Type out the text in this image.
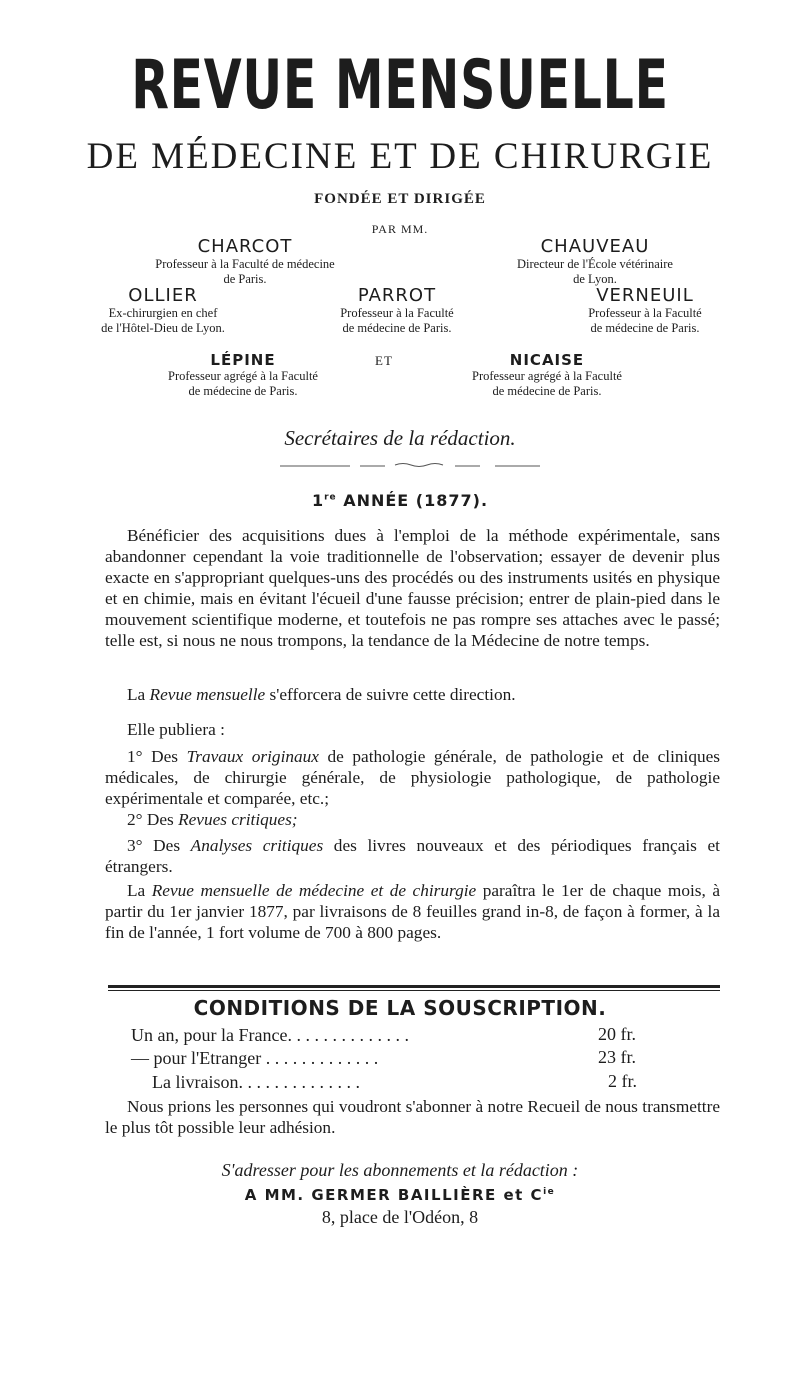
REVUE MENSUELLE
DE MÉDECINE ET DE CHIRURGIE
FONDÉE ET DIRIGÉE
PAR MM.
CHARCOT
Professeur à la Faculté de médecine
de Paris.
CHAUVEAU
Directeur de l'École vétérinaire
de Lyon.
OLLIER
Ex-chirurgien en chef
de l'Hôtel-Dieu de Lyon.
PARROT
Professeur à la Faculté
de médecine de Paris.
VERNEUIL
Professeur à la Faculté
de médecine de Paris.
LÉPINE
Professeur agrégé à la Faculté
de médecine de Paris.
ET	NICAISE
Professeur agrégé à la Faculté
de médecine de Paris.
Secrétaires de la rédaction.
1re ANNÉE (1877).

Bénéficier des acquisitions dues à l'emploi de la méthode expérimentale, sans abandonner cependant la voie traditionnelle de l'observation; essayer de devenir plus exacte en s'appropriant quelques-uns des procédés ou des instruments usités en physique et en chimie, mais en évitant l'écueil d'une fausse précision; entrer de plain-pied dans le mouvement scientifique moderne, et toutefois ne pas rompre ses attaches avec le passé; telle est, si nous ne nous trompons, la tendance de la Médecine de notre temps.

La Revue mensuelle s'efforcera de suivre cette direction.

Elle publiera :

1° Des Travaux originaux de pathologie générale, de pathologie et de cliniques médicales, de chirurgie générale, de physiologie pathologique, de pathologie expérimentale et comparée, etc.;

2° Des Revues critiques;

3° Des Analyses critiques des livres nouveaux et des périodiques français et étrangers.

La Revue mensuelle de médecine et de chirurgie paraîtra le 1er de chaque mois, à partir du 1er janvier 1877, par livraisons de 8 feuilles grand in-8, de façon à former, à la fin de l'année, 1 fort volume de 700 à 800 pages.

CONDITIONS DE LA SOUSCRIPTION.
Un an, pour la France. . . . . . . . . . . . . .	20 fr.
— pour l'Etranger . . . . . . . . . . . . .	23 fr.
La livraison. . . . . . . . . . . . . .	2 fr.

Nous prions les personnes qui voudront s'abonner à notre Recueil de nous transmettre le plus tôt possible leur adhésion.

S'adresser pour les abonnements et la rédaction :
A MM. GERMER BAILLIÈRE et $C^{ie}$
8, place de l'Odéon, 8
